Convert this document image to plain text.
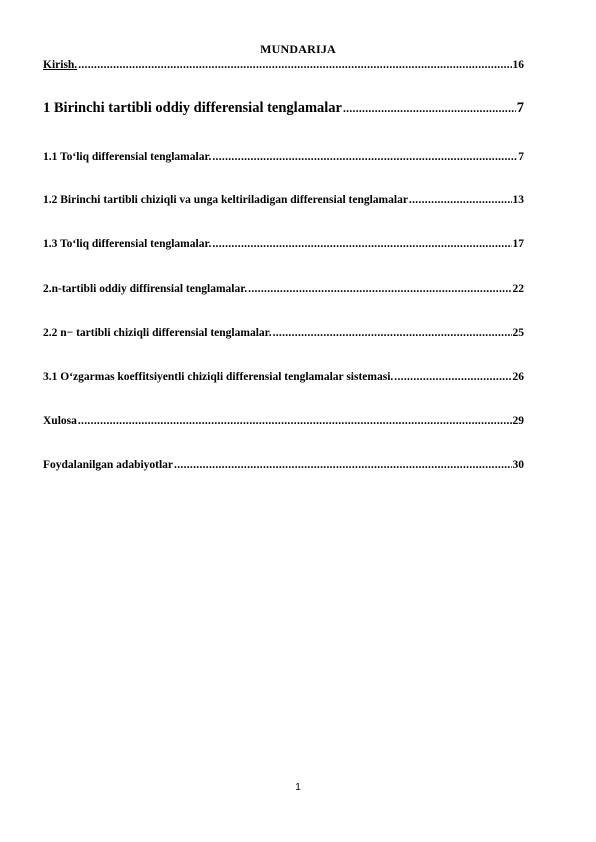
MUNDARIJA
Kirish. .....	16
1 Birinchi tartibli oddiy differensial tenglamalar .....	7
1.1 To‘liq differensial tenglamalar. .....	7
1.2 Birinchi tartibli chiziqli va unga keltiriladigan differensial tenglamalar .....	13
1.3 To‘liq differensial tenglamalar. .....	17
2.n-tartibli oddiy diffirensial tenglamalar. .....	22
2.2 n− tartibli chiziqli differensial tenglamalar. .....	25
3.1 O‘zgarmas koeffitsiyentli chiziqli differensial tenglamalar sistemasi. .....	26
Xulosa .....	29
Foydalanilgan adabiyotlar .....	30
1
